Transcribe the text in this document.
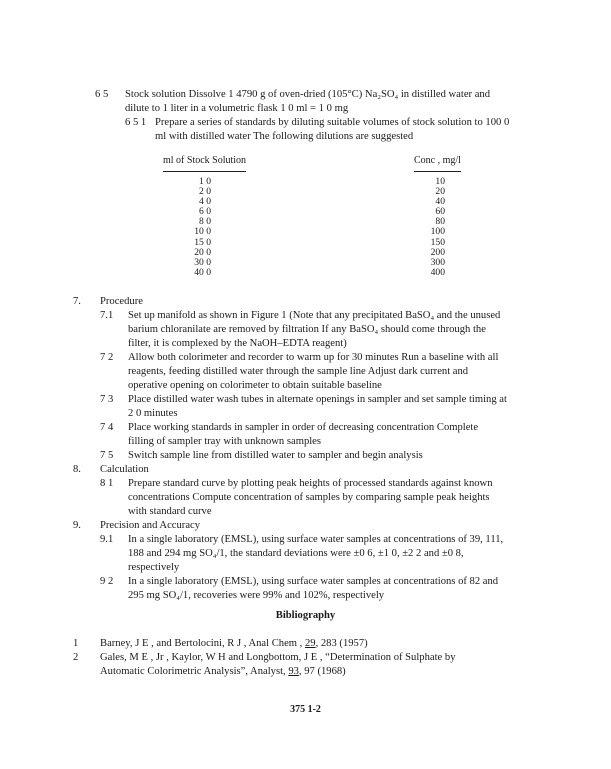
6 5 Stock solution Dissolve 1 4790 g of oven-dried (105°C) Na₂SO₄ in distilled water and
dilute to 1 liter in a volumetric flask 1 0 ml = 1 0 mg
6 5 1 Prepare a series of standards by diluting suitable volumes of stock solution to 100 0
ml with distilled water The following dilutions are suggested
ml of Stock Solution	Conc , mg/l
1 0
2 0
4 0
6 0
8 0
10 0
15 0
20 0
30 0
40 0
10
20
40
60
80
100
150
200
300
400
7. Procedure
7.1 Set up manifold as shown in Figure 1 (Note that any precipitated BaSO₄ and the unused
barium chloranilate are removed by filtration If any BaSO₄ should come through the
filter, it is complexed by the NaOH–EDTA reagent)
7 2 Allow both colorimeter and recorder to warm up for 30 minutes Run a baseline with all
reagents, feeding distilled water through the sample line Adjust dark current and
operative opening on colorimeter to obtain suitable baseline
7 3 Place distilled water wash tubes in alternate openings in sampler and set sample timing at
2 0 minutes
7 4 Place working standards in sampler in order of decreasing concentration Complete
filling of sampler tray with unknown samples
7 5 Switch sample line from distilled water to sampler and begin analysis
8. Calculation
8 1 Prepare standard curve by plotting peak heights of processed standards against known
concentrations Compute concentration of samples by comparing sample peak heights
with standard curve
9. Precision and Accuracy
9.1 In a single laboratory (EMSL), using surface water samples at concentrations of 39, 111,
188 and 294 mg SO₄/1, the standard deviations were ±0 6, ±1 0, ±2 2 and ±0 8,
respectively
9 2 In a single laboratory (EMSL), using surface water samples at concentrations of 82 and
295 mg SO₄/1, recoveries were 99% and 102%, respectively
Bibliography
1 Barney, J E , and Bertolocini, R J , Anal Chem , 29, 283 (1957)
2 Gales, M E , Jr , Kaylor, W H and Longbottom, J E , “Determination of Sulphate by
Automatic Colorimetric Analysis”, Analyst, 93, 97 (1968)
375 1-2
